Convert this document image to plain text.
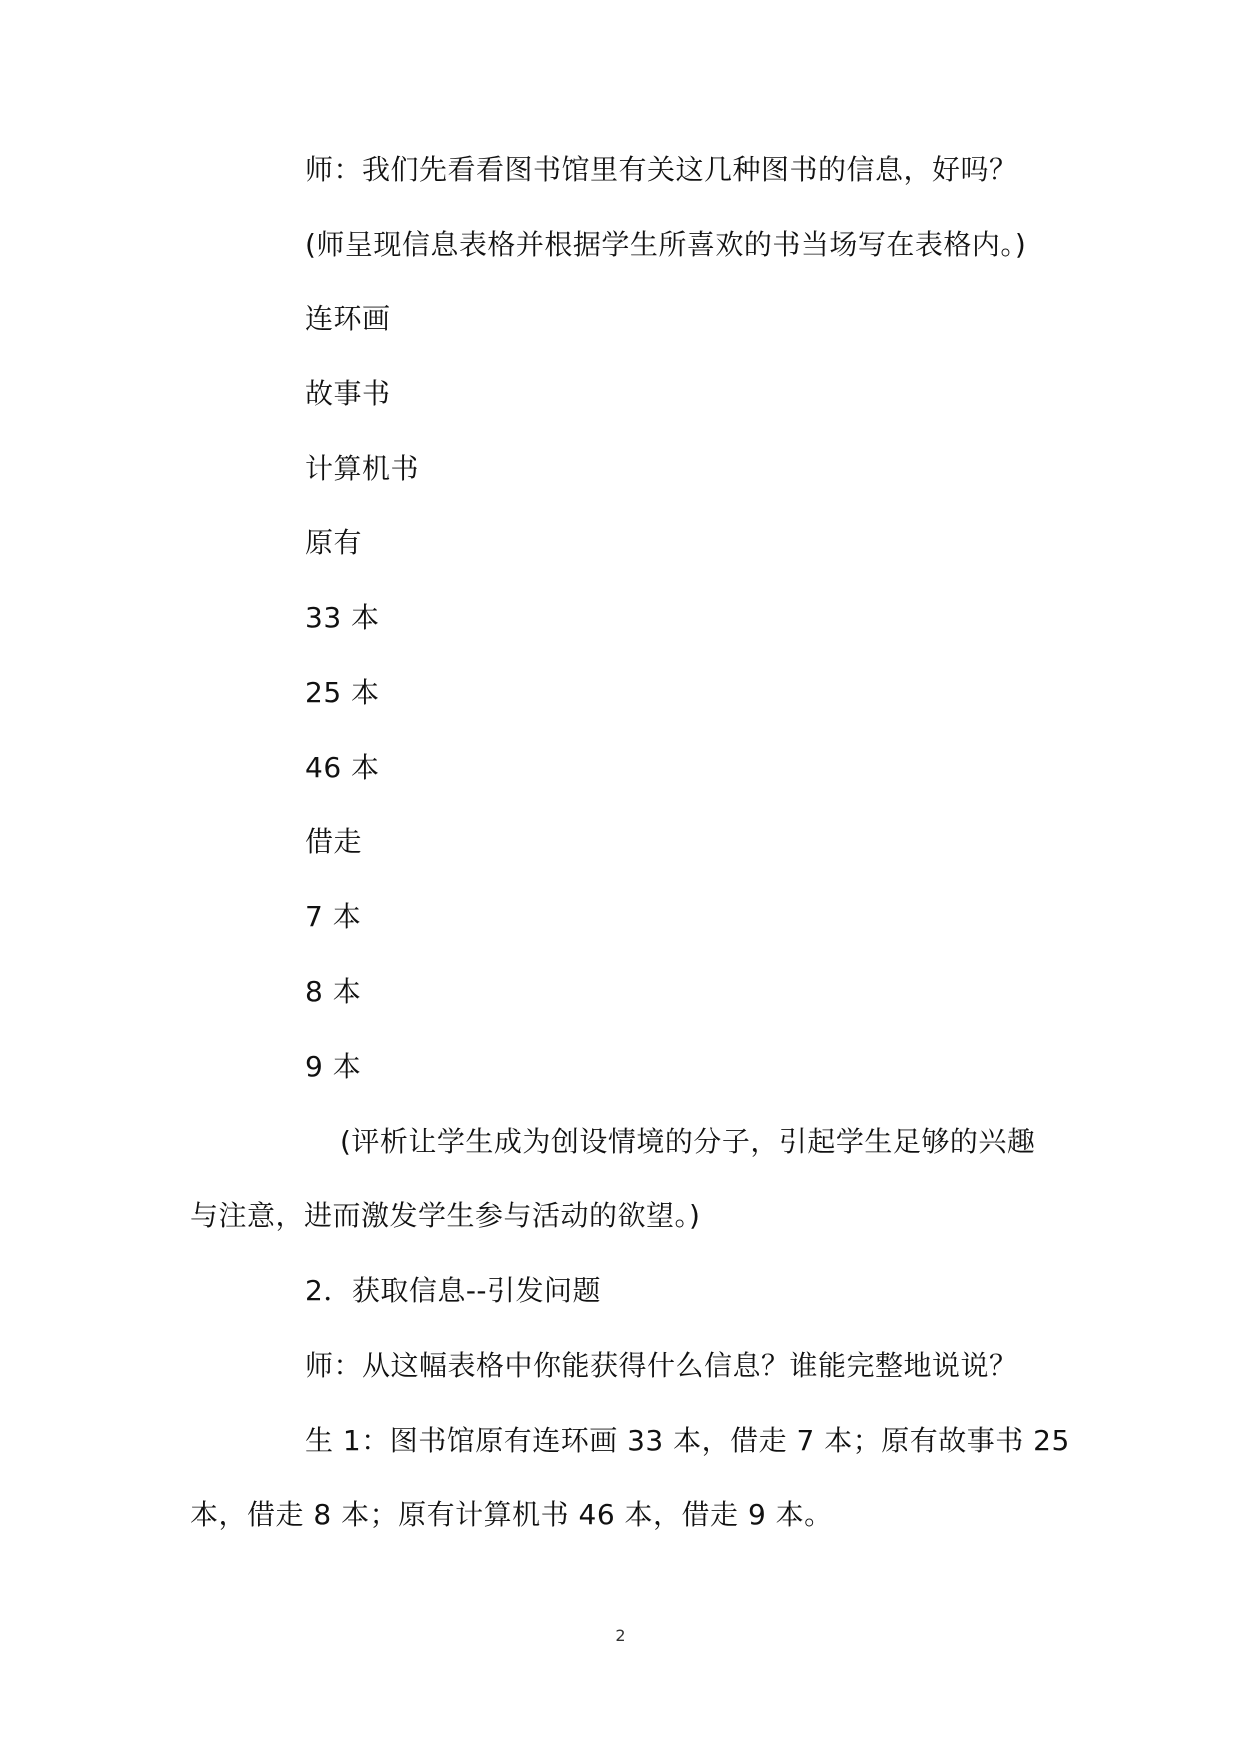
师：我们先看看图书馆里有关这几种图书的信息，好吗？
(师呈现信息表格并根据学生所喜欢的书当场写在表格内。)
连环画
故事书
计算机书
原有
33 本
25 本
46 本
借走
7 本
8 本
9 本
(评析让学生成为创设情境的分子，引起学生足够的兴趣
与注意，进而激发学生参与活动的欲望。)
2．获取信息--引发问题
师：从这幅表格中你能获得什么信息？谁能完整地说说？
生 1：图书馆原有连环画 33 本，借走 7 本；原有故事书 25
本，借走 8 本；原有计算机书 46 本，借走 9 本。
2
